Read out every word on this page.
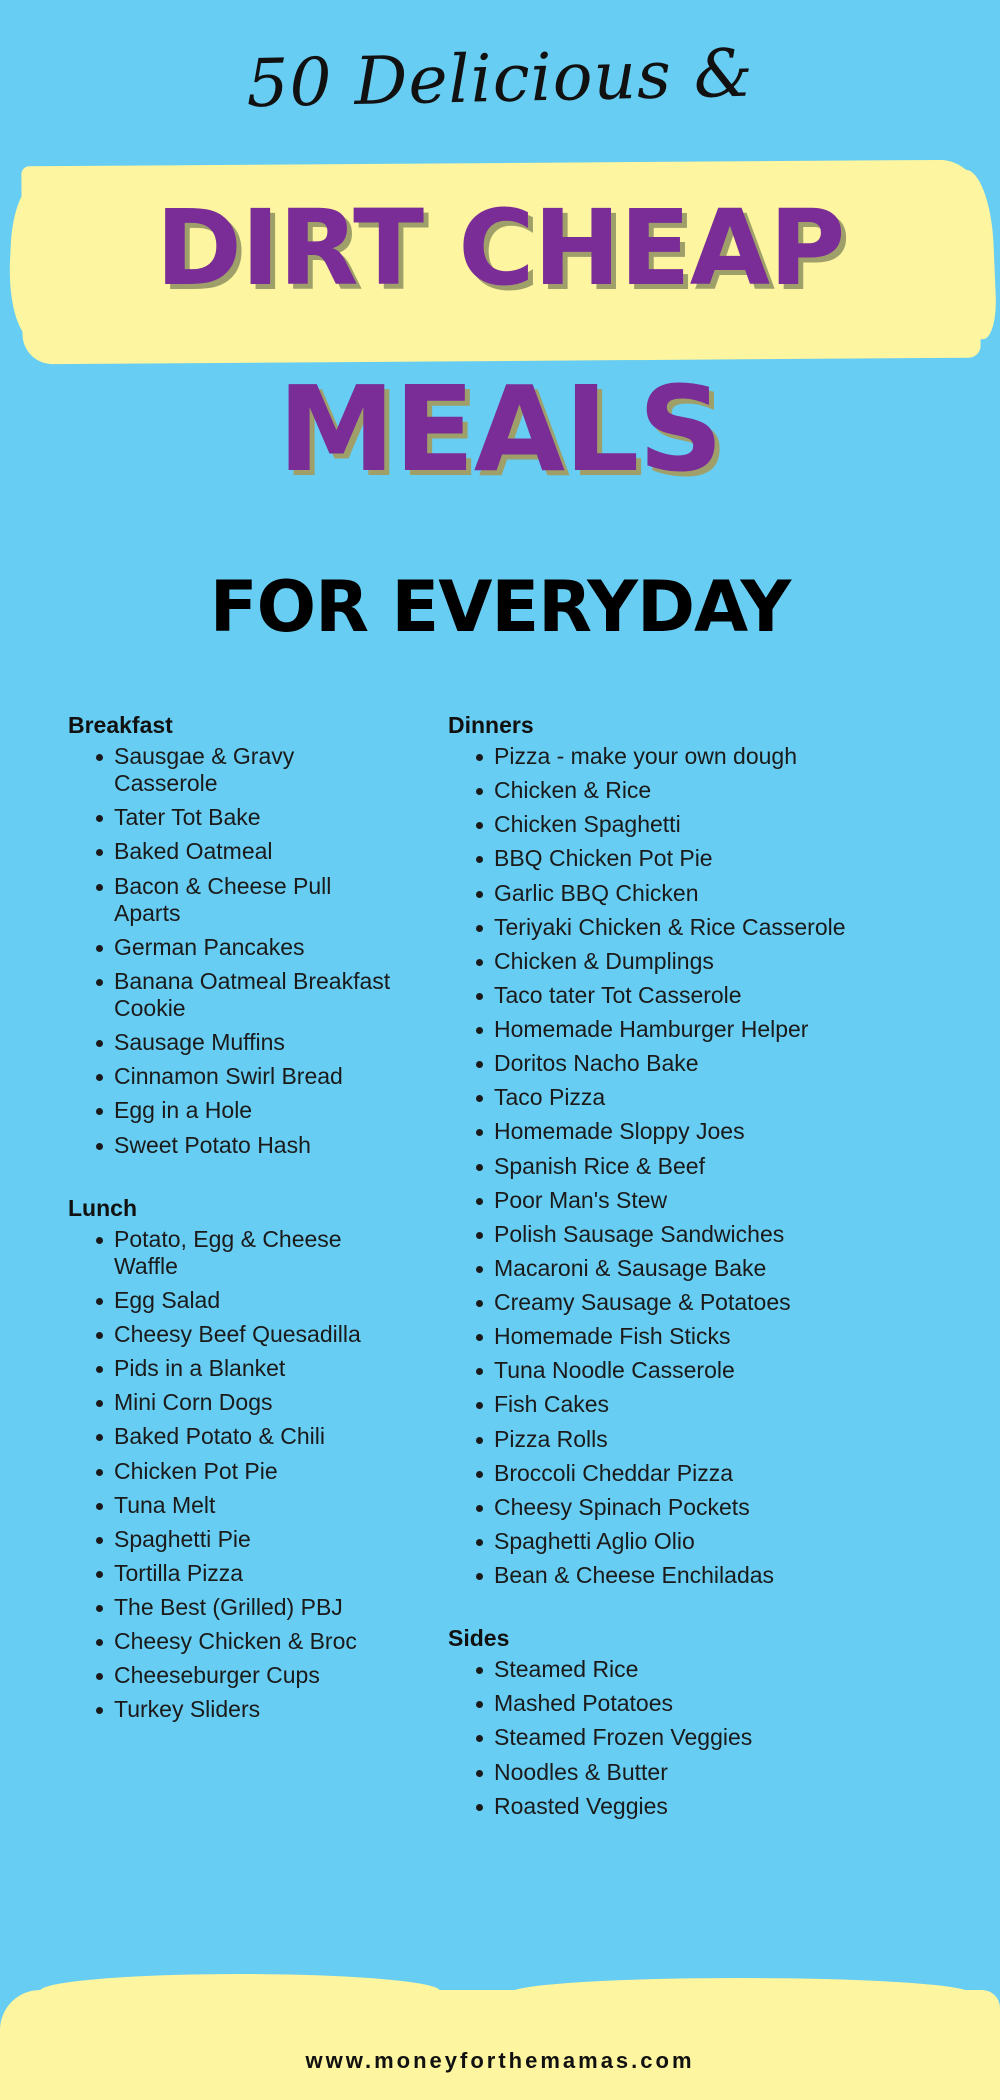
50 Delicious &
DIRT CHEAP
MEALS
FOR EVERYDAY
Breakfast
Sausgae & Gravy Casserole
Tater Tot Bake
Baked Oatmeal
Bacon & Cheese Pull Aparts
German Pancakes
Banana Oatmeal Breakfast Cookie
Sausage Muffins
Cinnamon Swirl Bread
Egg in a Hole
Sweet Potato Hash
Lunch
Potato, Egg & Cheese Waffle
Egg Salad
Cheesy Beef Quesadilla
Pids in a Blanket
Mini Corn Dogs
Baked Potato & Chili
Chicken Pot Pie
Tuna Melt
Spaghetti Pie
Tortilla Pizza
The Best (Grilled) PBJ
Cheesy Chicken & Broc
Cheeseburger Cups
Turkey Sliders
Dinners
Pizza - make your own dough
Chicken & Rice
Chicken Spaghetti
BBQ Chicken Pot Pie
Garlic BBQ Chicken
Teriyaki Chicken & Rice Casserole
Chicken & Dumplings
Taco tater Tot Casserole
Homemade Hamburger Helper
Doritos Nacho Bake
Taco Pizza
Homemade Sloppy Joes
Spanish Rice & Beef
Poor Man's Stew
Polish Sausage Sandwiches
Macaroni & Sausage Bake
Creamy Sausage & Potatoes
Homemade Fish Sticks
Tuna Noodle Casserole
Fish Cakes
Pizza Rolls
Broccoli Cheddar Pizza
Cheesy Spinach Pockets
Spaghetti Aglio Olio
Bean & Cheese Enchiladas
Sides
Steamed Rice
Mashed Potatoes
Steamed Frozen Veggies
Noodles & Butter
Roasted Veggies
www.moneyforthemamas.com
